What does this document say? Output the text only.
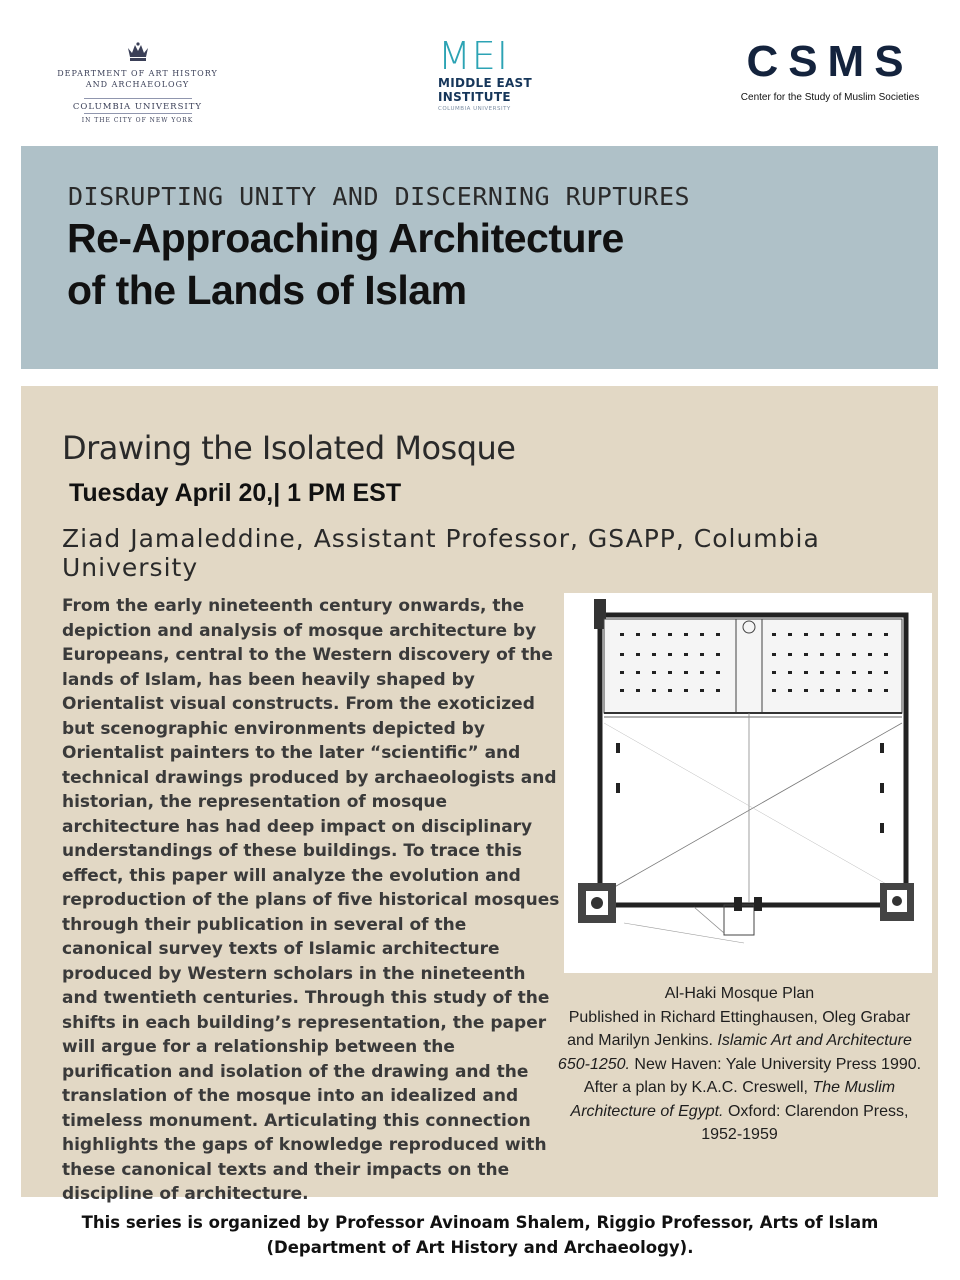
DEPARTMENT OF ART HISTORY
AND ARCHAEOLOGY
COLUMBIA UNIVERSITY
IN THE CITY OF NEW YORK
MEI
MIDDLE EAST
INSTITUTE
COLUMBIA UNIVERSITY
CSMS
Center for the Study of Muslim Societies
DISRUPTING UNITY AND DISCERNING RUPTURES
Re-Approaching Architecture
of the Lands of Islam
Drawing the Isolated Mosque
Tuesday April 20,| 1 PM EST
Ziad Jamaleddine, Assistant Professor, GSAPP, Columbia
University
From the early nineteenth century onwards, the depiction and analysis of mosque architecture by Europeans, central to the Western discovery of the lands of Islam, has been heavily shaped by Orientalist visual constructs. From the exoticized but scenographic environments depicted by Orientalist painters to the later “scientific” and technical drawings produced by archaeologists and historian, the representation of mosque architecture has had deep impact on disciplinary understandings of these buildings. To trace this effect, this paper will analyze the evolution and reproduction of the plans of five historical mosques through their publication in several of the canonical survey texts of Islamic architecture produced by Western scholars in the nineteenth and twentieth centuries. Through this study of the shifts in each building’s representation, the paper will argue for a relationship between the purification and isolation of the drawing and the translation of the mosque into an idealized and timeless monument. Articulating this connection highlights the gaps of knowledge reproduced with these canonical texts and their impacts on the discipline of architecture.
Al-Haki Mosque Plan
Published in Richard Ettinghausen, Oleg Grabar and Marilyn Jenkins. Islamic Art and Architecture 650-1250. New Haven: Yale University Press 1990. After a plan by K.A.C. Creswell, The Muslim Architecture of Egypt. Oxford: Clarendon Press, 1952-1959
This series is organized by Professor Avinoam Shalem, Riggio Professor, Arts of Islam (Department of Art History and Archaeology).
